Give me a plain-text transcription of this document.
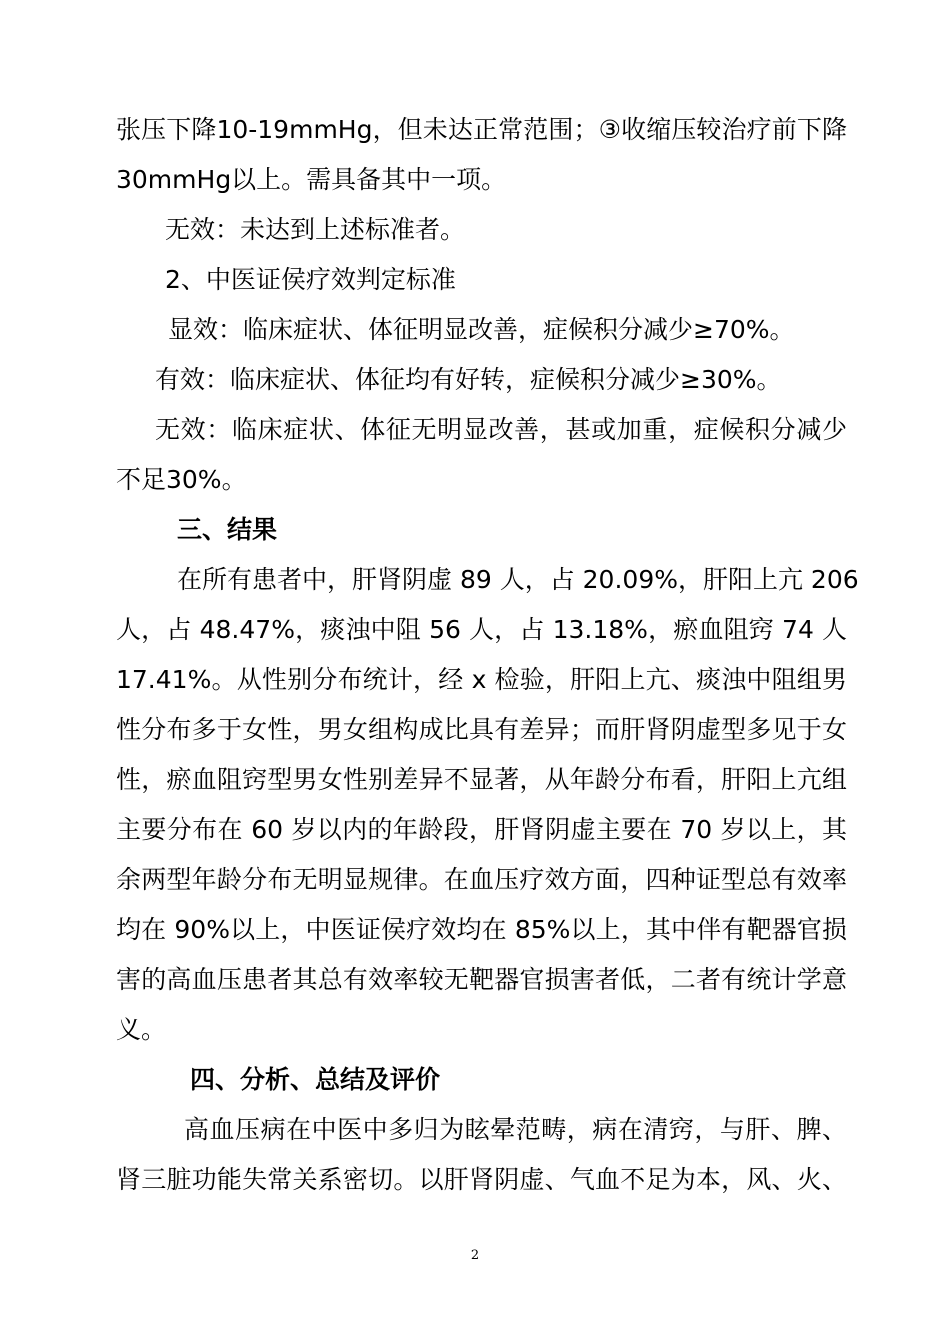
张压下降10-19mmHg，但未达正常范围；③收缩压较治疗前下降
30mmHg以上。需具备其中一项。
无效：未达到上述标准者。
2、中医证侯疗效判定标准
显效：临床症状、体征明显改善，症候积分减少≥70%。
有效：临床症状、体征均有好转，症候积分减少≥30%。
无效：临床症状、体征无明显改善，甚或加重，症候积分减少
不足30%。
三、结果
在所有患者中，肝肾阴虚 89 人，占 20.09%，肝阳上亢 206
人，占 48.47%，痰浊中阻 56 人，占 13.18%，瘀血阻窍 74 人
17.41%。从性别分布统计，经 x 检验，肝阳上亢、痰浊中阻组男
性分布多于女性，男女组构成比具有差异；而肝肾阴虚型多见于女
性，瘀血阻窍型男女性别差异不显著，从年龄分布看，肝阳上亢组
主要分布在 60 岁以内的年龄段，肝肾阴虚主要在 70 岁以上，其
余两型年龄分布无明显规律。在血压疗效方面，四种证型总有效率
均在 90%以上，中医证侯疗效均在 85%以上，其中伴有靶器官损
害的高血压患者其总有效率较无靶器官损害者低，二者有统计学意
义。
四、分析、总结及评价
高血压病在中医中多归为眩晕范畴，病在清窍，与肝、脾、
肾三脏功能失常关系密切。以肝肾阴虚、气血不足为本，风、火、
2
